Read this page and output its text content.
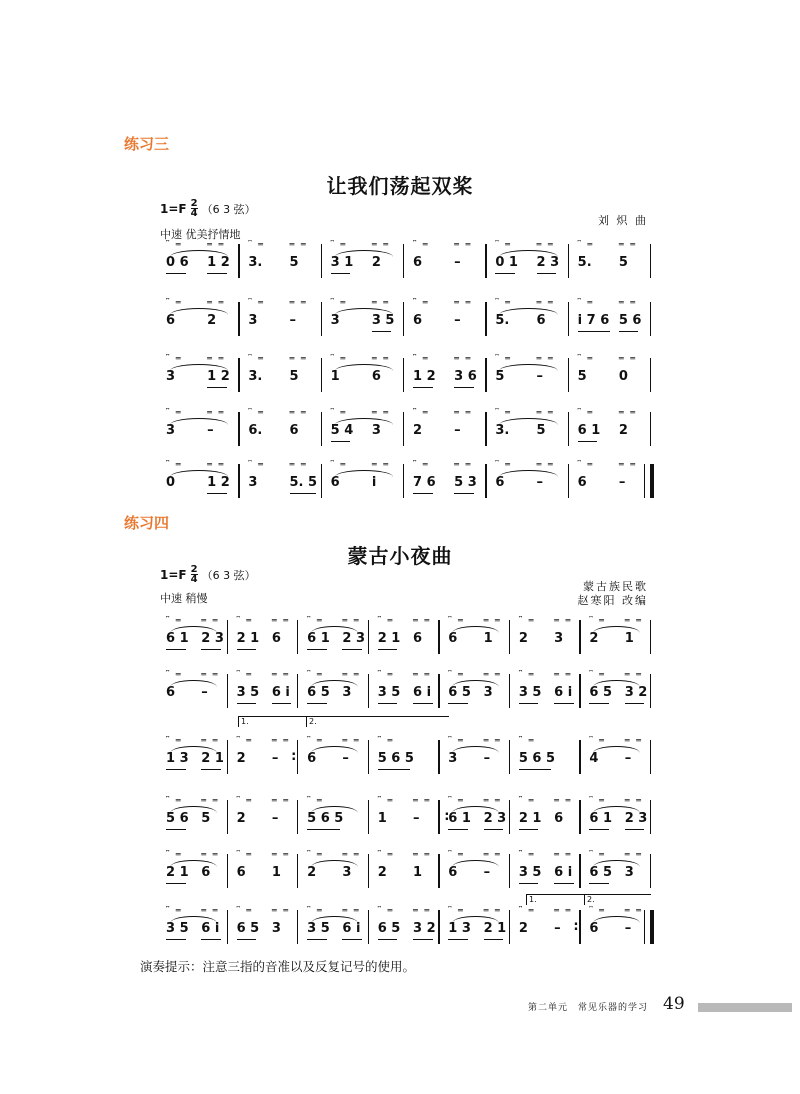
练习三
让我们荡起双桨
$1=F \frac{2}{4} (6$ 3 弦）
刘 炽 曲
中速 优美抒情地
0 6
⎴ ═
1 2
═ ═
3.
⎴ ═
5
═ ═
3 1
⎴ ═
2
═ ═
6
⎴ ═
–
═ ═
0 1
⎴ ═
2 3
═ ═
5.
⎴ ═
5
═ ═
6
⎴ ═
2
═ ═
3
⎴ ═
–
═ ═
3
⎴ ═
3 5
═ ═
6
⎴ ═
–
═ ═
5.
⎴ ═
6
═ ═
i 7 6
⎴ ═
5 6
═ ═
3
⎴ ═
1 2
═ ═
3.
⎴ ═
5
═ ═
1
⎴ ═
6
═ ═
1 2
⎴ ═
3 6
═ ═
5
⎴ ═
–
═ ═
5
⎴ ═
0
═ ═
3
⎴ ═
–
═ ═
6.
⎴ ═
6
═ ═
5 4
⎴ ═
3
═ ═
2
⎴ ═
–
═ ═
3.
⎴ ═
5
═ ═
6 1
⎴ ═
2
═ ═
0
⎴ ═
1 2
═ ═
3
⎴ ═
5. 5
═ ═
6
⎴ ═
i
═ ═
7 6
⎴ ═
5 3
═ ═
6
⎴ ═
–
═ ═
6
⎴ ═
–
═ ═
练习四
蒙古小夜曲
$1=F \frac{2}{4} (6$ 3 弦）
蒙古族民歌
赵寒阳 改编
中速 稍慢
6 1
⎴ ═
2 3
═ ═
2 1
⎴ ═
6
═ ═
6 1
⎴ ═
2 3
═ ═
2 1
⎴ ═
6
═ ═
6
⎴ ═
1
═ ═
2
⎴ ═
3
═ ═
2
⎴ ═
1
═ ═
6
⎴ ═
–
═ ═
3 5
⎴ ═
6 i
═ ═
6 5
⎴ ═
3
═ ═
3 5
⎴ ═
6 i
═ ═
6 5
⎴ ═
3
═ ═
3 5
⎴ ═
6 i
═ ═
6 5
⎴ ═
3 2
═ ═
1 3
⎴ ═
2 1
═ ═
2
⎴ ═
–
═ ═
: 6
⎴ ═
–
═ ═
5 6 5
⎴ ═
3
⎴ ═
–
═ ═
5 6 5
⎴ ═
4
⎴ ═
–
═ ═
5 6
⎴ ═
5
═ ═
2
⎴ ═
–
═ ═
5 6 5
⎴ ═
1
⎴ ═
–
═ ═
:
6 1
⎴ ═
2 3
═ ═
2 1
⎴ ═
6
═ ═
6 1
⎴ ═
2 3
═ ═
2 1
⎴ ═
6
═ ═
6
⎴ ═
1
═ ═
2
⎴ ═
3
═ ═
2
⎴ ═
1
═ ═
6
⎴ ═
–
═ ═
3 5
⎴ ═
6 i
═ ═
6 5
⎴ ═
3
═ ═
3 5
⎴ ═
6 i
═ ═
6 5
⎴ ═
3
═ ═
3 5
⎴ ═
6 i
═ ═
6 5
⎴ ═
3 2
═ ═
1 3
⎴ ═
2 1
═ ═
2
⎴ ═
–
═ ═
: 6
⎴ ═
–
═ ═
演奏提示：注意三指的音准以及反复记号的使用。
第二单元　常见乐器的学习 49
1.	2.
1.	2.
